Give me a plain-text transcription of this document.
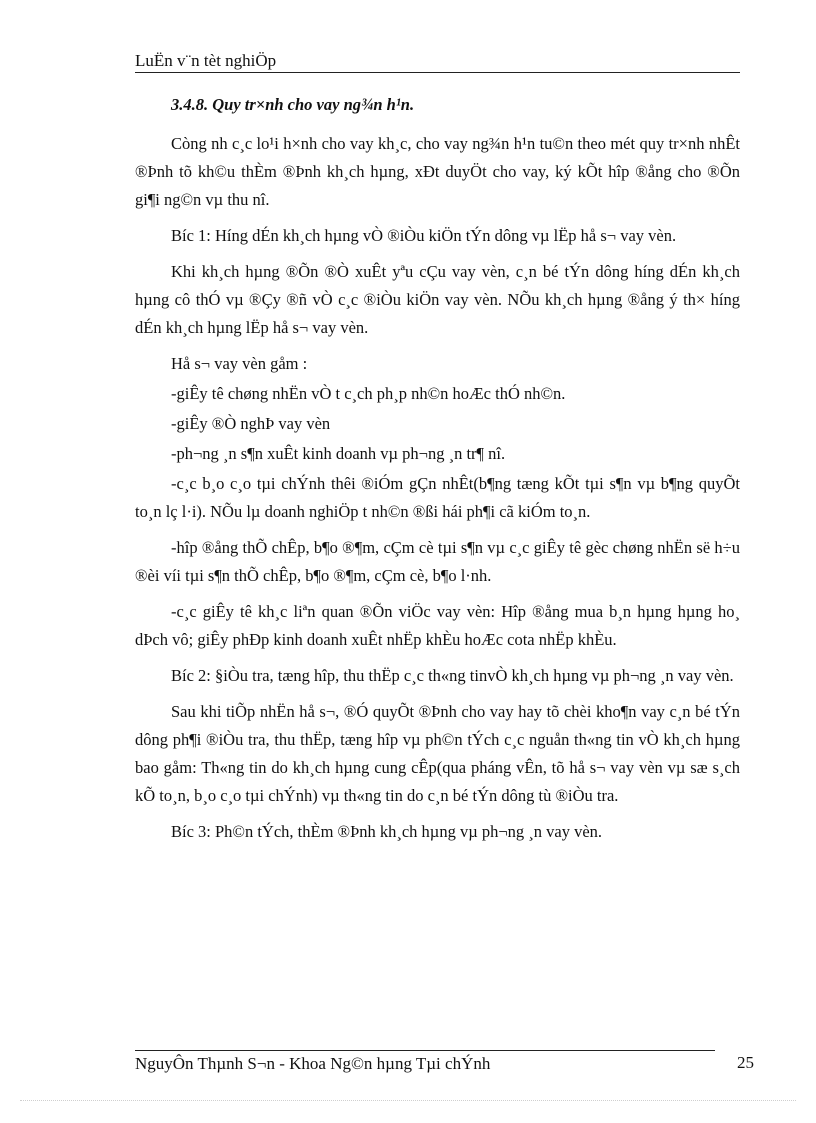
LuËn v¨n tèt nghiÖp
3.4.8. Quy tr×nh cho vay ng¾n h¹n.

Còng nh c¸c lo¹i h×nh cho vay kh¸c, cho vay ng¾n h¹n tu©n theo mét quy tr×nh nhÊt ®Þnh tõ kh©u thÈm ®Þnh kh¸ch hµng, xÐt duyÖt cho vay, ký kÕt hîp ®ång cho ®Õn gi¶i ng©n vµ thu nî.

Bíc 1: Híng dÉn kh¸ch hµng vÒ ®iÒu kiÖn tÝn dông vµ lËp hå s¬ vay vèn.

Khi kh¸ch hµng ®Õn ®Ò xuÊt yªu cÇu vay vèn, c¸n bé tÝn dông híng dÉn kh¸ch hµng cô thÓ vµ ®Çy ®ñ vÒ c¸c ®iÒu kiÖn vay vèn. NÕu kh¸ch hµng ®ång ý th× híng dÉn kh¸ch hµng lËp hå s¬ vay vèn.

Hå s¬ vay vèn gåm :

-giÊy tê chøng nhËn vÒ t c¸ch ph¸p nh©n hoÆc thÓ nh©n.

-giÊy ®Ò nghÞ vay vèn

-ph¬ng ¸n s¶n xuÊt kinh doanh vµ ph¬ng ¸n tr¶ nî.

-c¸c b¸o c¸o tµi chÝnh thêi ®iÓm gÇn nhÊt(b¶ng tæng kÕt tµi s¶n vµ b¶ng quyÕt to¸n lç l·i). NÕu lµ doanh nghiÖp t nh©n ®ßi hái ph¶i cã kiÓm to¸n.

-hîp ®ång thÕ chÊp, b¶o ®¶m, cÇm cè tµi s¶n vµ c¸c giÊy tê gèc chøng nhËn së h÷u ®èi víi tµi s¶n thÕ chÊp, b¶o ®¶m, cÇm cè, b¶o l·nh.

-c¸c giÊy tê kh¸c liªn quan ®Õn viÖc vay vèn: Hîp ®ång mua b¸n hµng hµng ho¸ dÞch vô; giÊy phÐp kinh doanh xuÊt nhËp khÈu hoÆc cota nhËp khÈu.

Bíc 2: §iÒu tra, tæng hîp, thu thËp c¸c th«ng tinvÒ kh¸ch hµng vµ ph¬ng ¸n vay vèn.

Sau khi tiÕp nhËn hå s¬, ®Ó quyÕt ®Þnh cho vay hay tõ chèi kho¶n vay c¸n bé tÝn dông ph¶i ®iÒu tra, thu thËp, tæng hîp vµ ph©n tÝch c¸c nguån th«ng tin vÒ kh¸ch hµng bao gåm: Th«ng tin do kh¸ch hµng cung cÊp(qua pháng vÊn, tõ hå s¬ vay vèn vµ sæ s¸ch kÕ to¸n, b¸o c¸o tµi chÝnh) vµ th«ng tin do c¸n bé tÝn dông tù ®iÒu tra.

Bíc 3: Ph©n tÝch, thÈm ®Þnh kh¸ch hµng vµ ph¬ng ¸n vay vèn.

NguyÔn Thµnh S¬n - Khoa Ng©n hµng Tµi chÝnh	25
